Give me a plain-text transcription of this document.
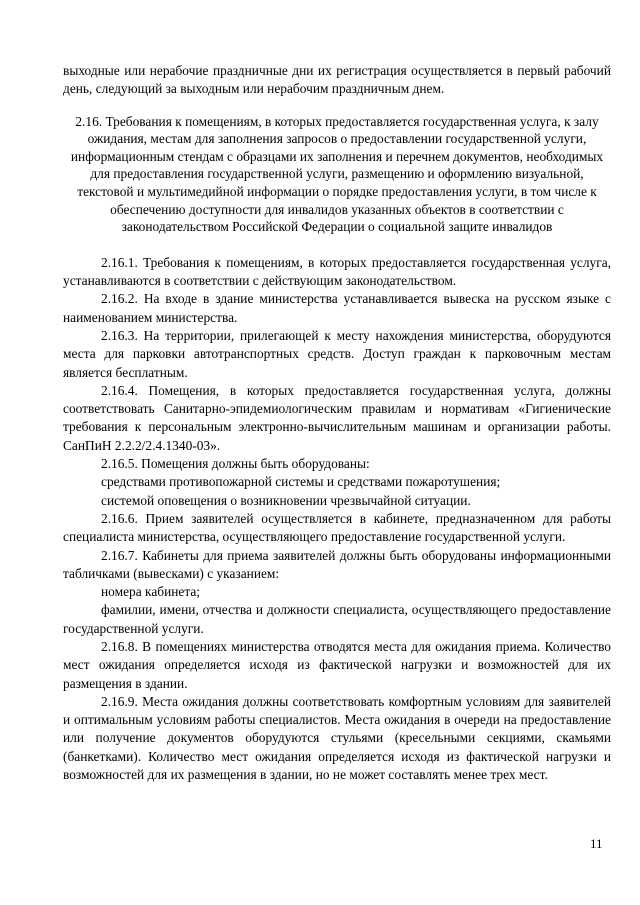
выходные или нерабочие праздничные дни их регистрация осуществляется в первый рабочий день, следующий за выходным или нерабочим праздничным днем.

2.16. Требования к помещениям, в которых предоставляется государственная услуга, к залу ожидания, местам для заполнения запросов о предоставлении государственной услуги, информационным стендам с образцами их заполнения и перечнем документов, необходимых для предоставления государственной услуги, размещению и оформлению визуальной, текстовой и мультимедийной информации о порядке предоставления услуги, в том числе к обеспечению доступности для инвалидов указанных объектов в соответствии с законодательством Российской Федерации о социальной защите инвалидов

2.16.1. Требования к помещениям, в которых предоставляется государственная услуга, устанавливаются в соответствии с действующим законодательством.

2.16.2. На входе в здание министерства устанавливается вывеска на русском языке с наименованием министерства.

2.16.3. На территории, прилегающей к месту нахождения министерства, оборудуются места для парковки автотранспортных средств. Доступ граждан к парковочным местам является бесплатным.

2.16.4. Помещения, в которых предоставляется государственная услуга, должны соответствовать Санитарно-эпидемиологическим правилам и нормативам «Гигиенические требования к персональным электронно-вычислительным машинам и организации работы. СанПиН 2.2.2/2.4.1340-03».

2.16.5. Помещения должны быть оборудованы:

средствами противопожарной системы и средствами пожаротушения;

системой оповещения о возникновении чрезвычайной ситуации.

2.16.6. Прием заявителей осуществляется в кабинете, предназначенном для работы специалиста министерства, осуществляющего предоставление государственной услуги.

2.16.7. Кабинеты для приема заявителей должны быть оборудованы информационными табличками (вывесками) с указанием:

номера кабинета;

фамилии, имени, отчества и должности специалиста, осуществляющего предоставление государственной услуги.

2.16.8. В помещениях министерства отводятся места для ожидания приема. Количество мест ожидания определяется исходя из фактической нагрузки и возможностей для их размещения в здании.

2.16.9. Места ожидания должны соответствовать комфортным условиям для заявителей и оптимальным условиям работы специалистов. Места ожидания в очереди на предоставление или получение документов оборудуются стульями (кресельными секциями, скамьями (банкетками). Количество мест ожидания определяется исходя из фактической нагрузки и возможностей для их размещения в здании, но не может составлять менее трех мест.

11
